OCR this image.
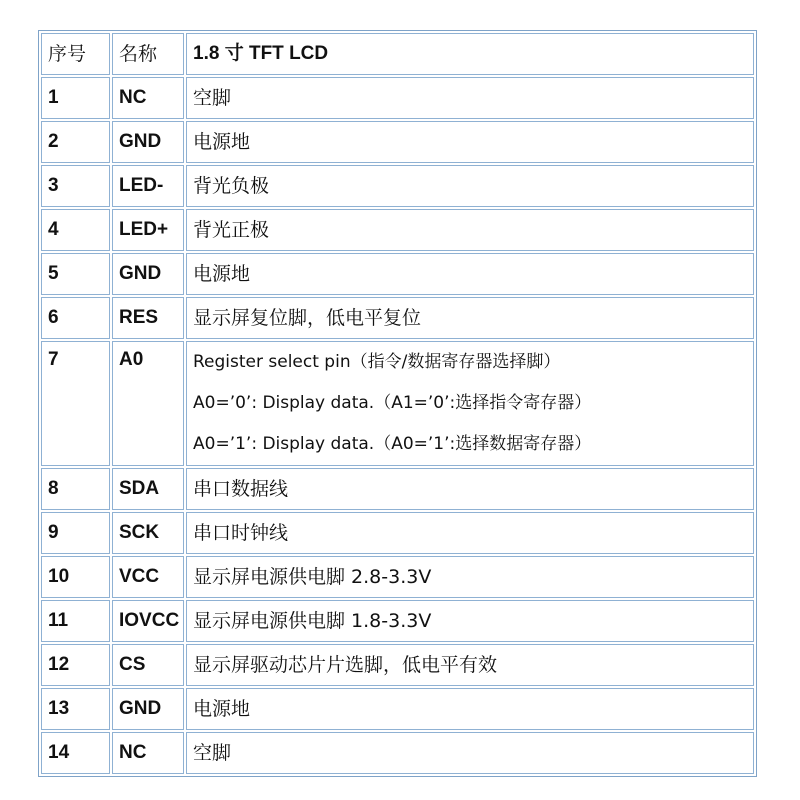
序号	名称	1.8 寸 TFT LCD
1	NC	空脚
2	GND	电源地
3	LED-	背光负极
4	LED+	背光正极
5	GND	电源地
6	RES	显示屏复位脚，低电平复位
7	A0	Register select pin（指令/数据寄存器选择脚）
A0=’0’: Display data.（A1=’0’:选择指令寄存器）
A0=’1’: Display data.（A0=’1’:选择数据寄存器）

8	SDA	串口数据线
9	SCK	串口时钟线
10	VCC	显示屏电源供电脚 2.8-3.3V
11	IOVCC	显示屏电源供电脚 1.8-3.3V
12	CS	显示屏驱动芯片片选脚，低电平有效
13	GND	电源地
14	NC	空脚
